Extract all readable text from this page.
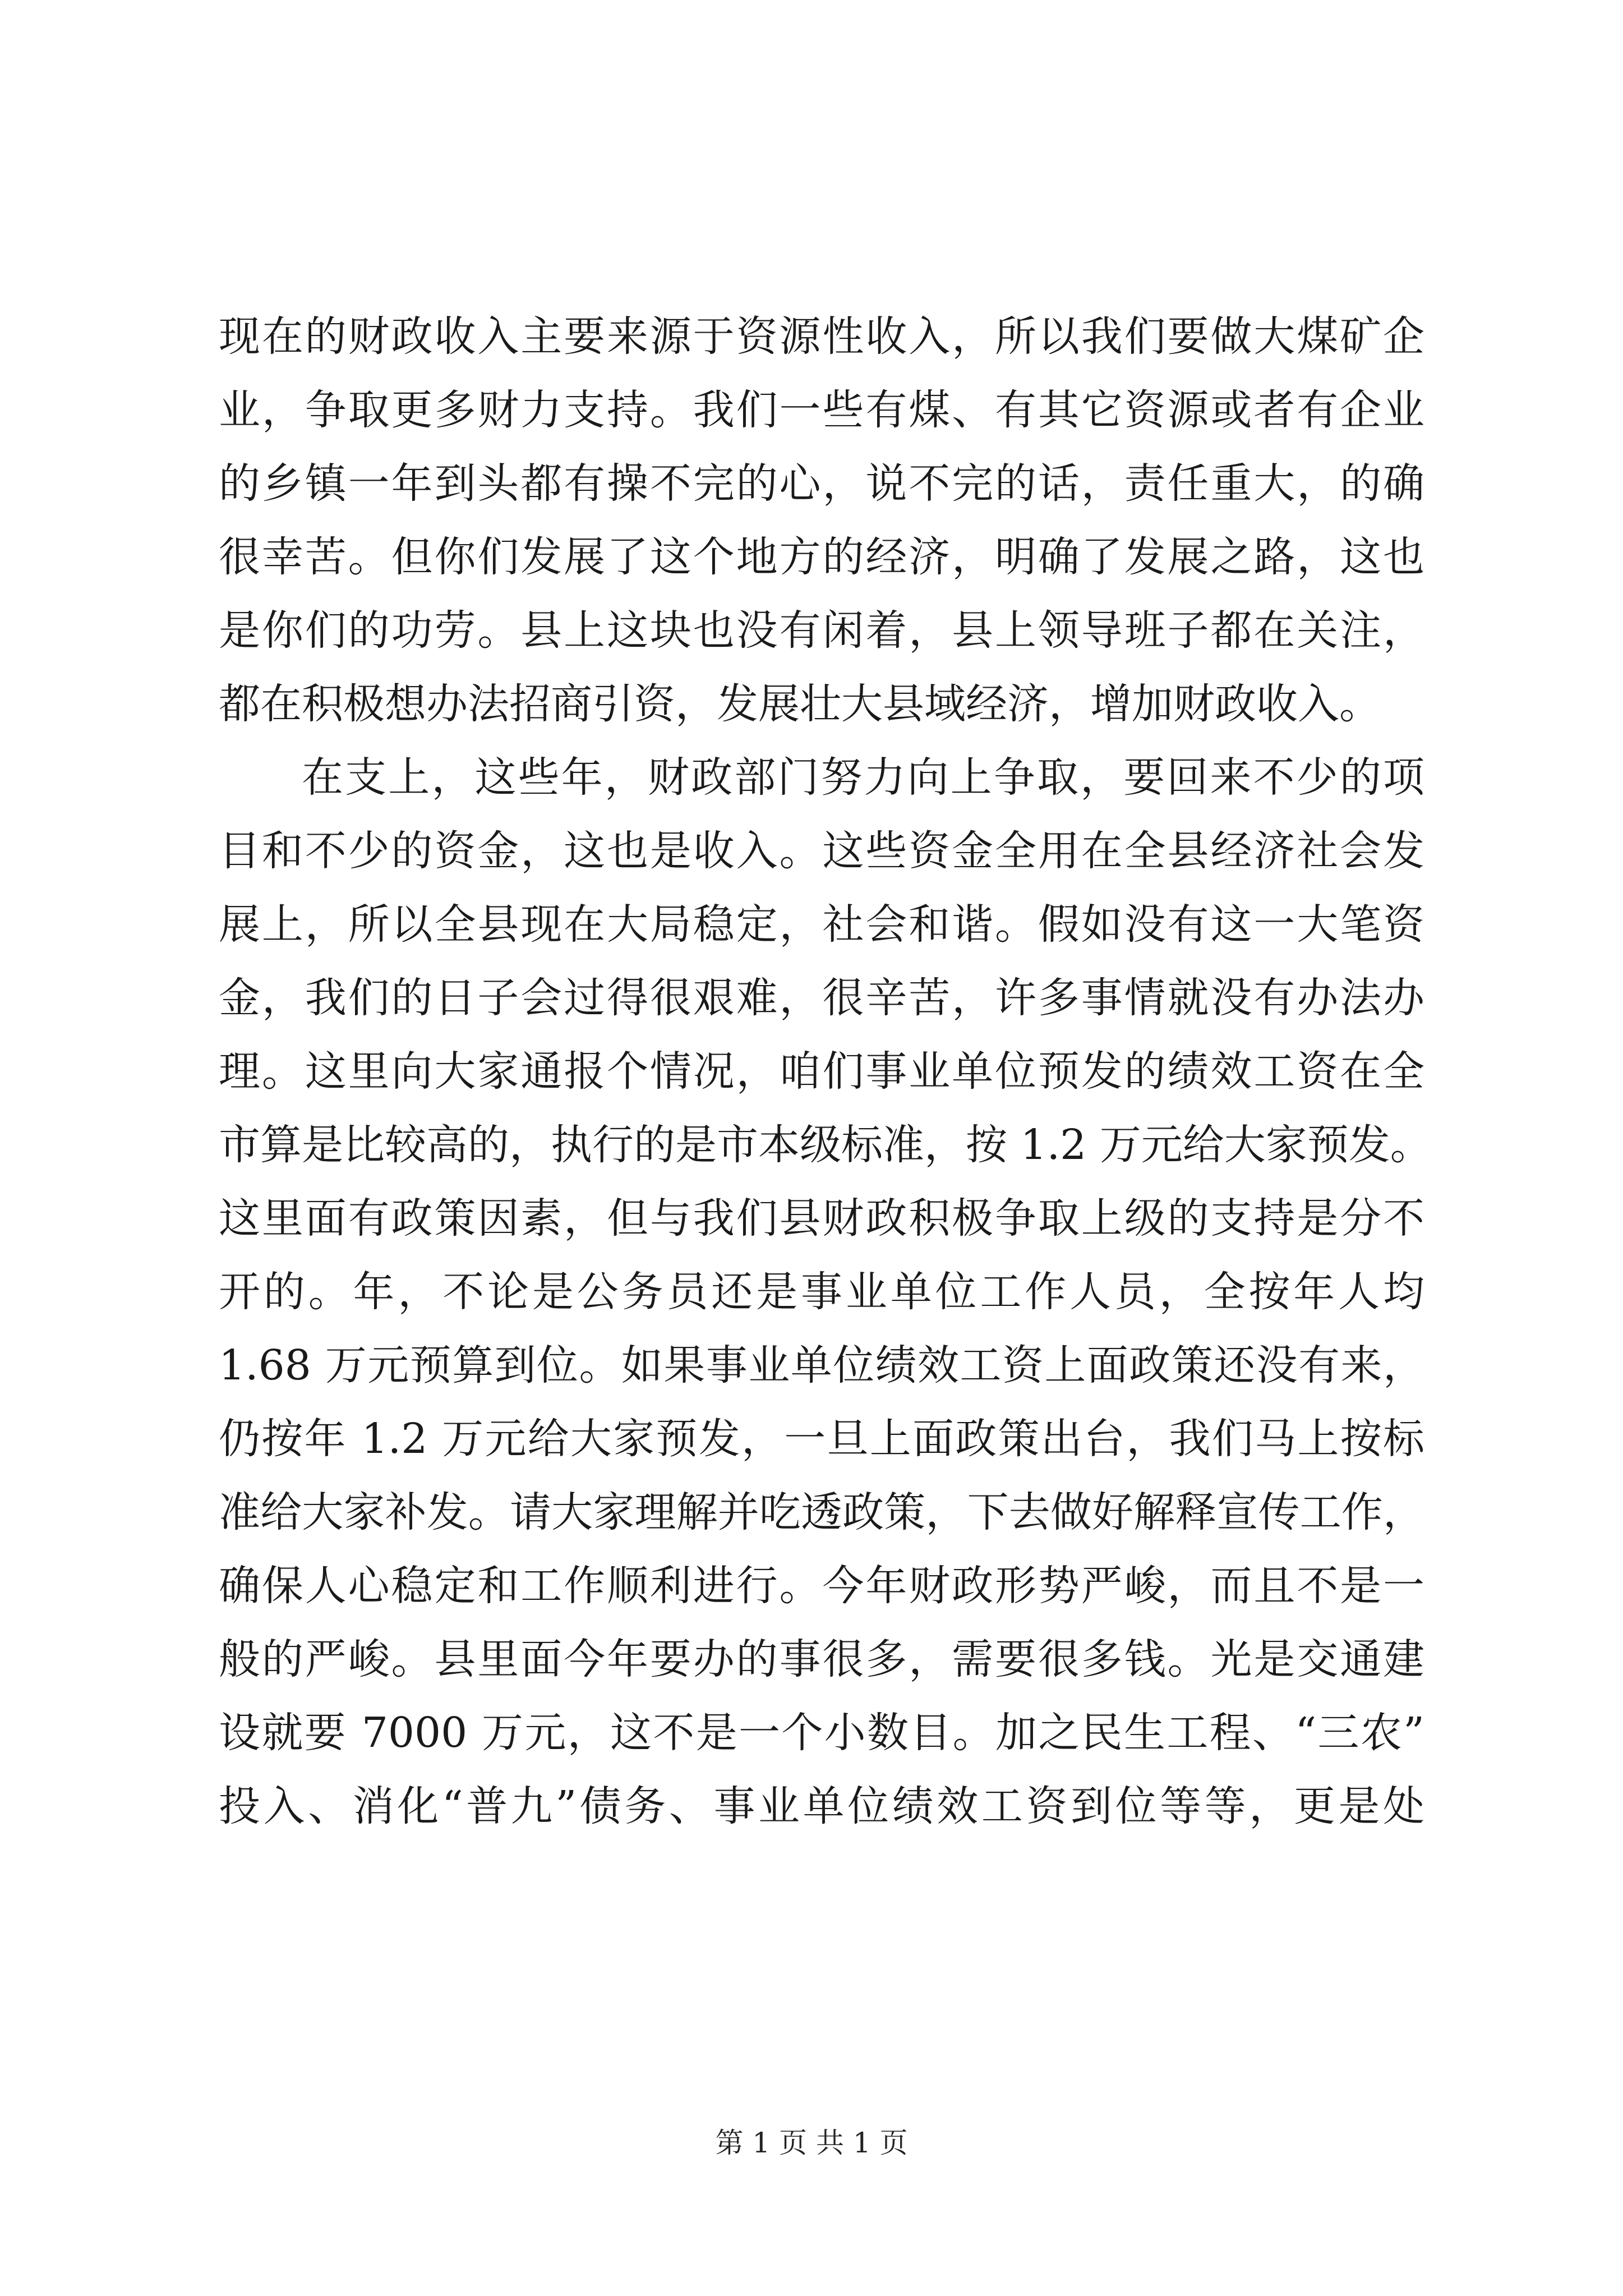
现在的财政收入主要来源于资源性收入，所以我们要做大煤矿企
业，争取更多财力支持。我们一些有煤、有其它资源或者有企业
的乡镇一年到头都有操不完的心，说不完的话，责任重大，的确
很幸苦。但你们发展了这个地方的经济，明确了发展之路，这也
是你们的功劳。县上这块也没有闲着，县上领导班子都在关注，
都在积极想办法招商引资，发展壮大县域经济，增加财政收入。
在支上，这些年，财政部门努力向上争取，要回来不少的项
目和不少的资金，这也是收入。这些资金全用在全县经济社会发
展上，所以全县现在大局稳定，社会和谐。假如没有这一大笔资
金，我们的日子会过得很艰难，很辛苦，许多事情就没有办法办
理。这里向大家通报个情况，咱们事业单位预发的绩效工资在全
市算是比较高的，执行的是市本级标准，按 1.2 万元给大家预发。
这里面有政策因素，但与我们县财政积极争取上级的支持是分不
开的。年，不论是公务员还是事业单位工作人员，全按年人均
1.68 万元预算到位。如果事业单位绩效工资上面政策还没有来，
仍按年 1.2 万元给大家预发，一旦上面政策出台，我们马上按标
准给大家补发。请大家理解并吃透政策，下去做好解释宣传工作，
确保人心稳定和工作顺利进行。今年财政形势严峻，而且不是一
般的严峻。县里面今年要办的事很多，需要很多钱。光是交通建
设就要 7000 万元，这不是一个小数目。加之民生工程、“三农”
投入、消化“普九”债务、事业单位绩效工资到位等等，更是处
第 1 页 共 1 页
